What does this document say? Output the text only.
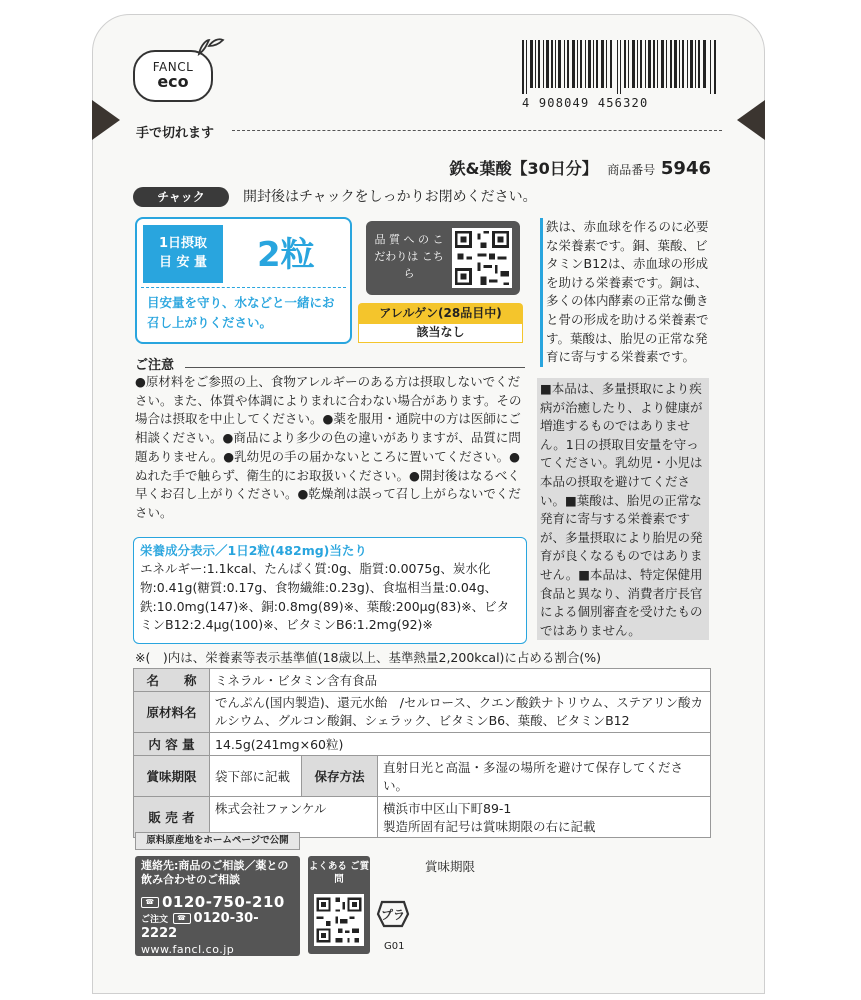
FANCL
eco
4 908049 456320
手で切れます
鉄&葉酸【30日分】 商品番号 5946
チャック	開封後はチャックをしっかりお閉めください。
1日摂取
目 安 量	2粒
目安量を守り、水などと一緒にお召し上がりください。
品 質 へ の こだわりは こちら
アレルゲン(28品目中)
該当なし
鉄は、赤血球を作るのに必要な栄養素です。銅、葉酸、ビタミンB12は、赤血球の形成を助ける栄養素です。銅は、多くの体内酵素の正常な働きと骨の形成を助ける栄養素です。葉酸は、胎児の正常な発育に寄与する栄養素です。
■本品は、多量摂取により疾病が治癒したり、より健康が増進するものではありません。1日の摂取目安量を守ってください。乳幼児・小児は本品の摂取を避けてください。■葉酸は、胎児の正常な発育に寄与する栄養素ですが、多量摂取により胎児の発育が良くなるものではありません。■本品は、特定保健用食品と異なり、消費者庁長官による個別審査を受けたものではありません。
ご注意
●原材料をご参照の上、食物アレルギーのある方は摂取しないでください。また、体質や体調によりまれに合わない場合があります。その場合は摂取を中止してください。●薬を服用・通院中の方は医師にご相談ください。●商品により多少の色の違いがありますが、品質に問題ありません。●乳幼児の手の届かないところに置いてください。●ぬれた手で触らず、衛生的にお取扱いください。●開封後はなるべく早くお召し上がりください。●乾燥剤は誤って召し上がらないでください。
栄養成分表示／1日2粒(482mg)当たり
エネルギー:1.1kcal、たんぱく質:0g、脂質:0.0075g、炭水化物:0.41g(糖質:0.17g、食物繊維:0.23g)、食塩相当量:0.04g、鉄:10.0mg(147)※、銅:0.8mg(89)※、葉酸:200μg(83)※、ビタミンB12:2.4μg(100)※、ビタミンB6:1.2mg(92)※
※(　)内は、栄養素等表示基準値(18歳以上、基準熱量2,200kcal)に占める割合(%)
名　　称	ミネラル・ビタミン含有食品		
原材料名	でんぷん(国内製造)、還元水飴　/セルロース、クエン酸鉄ナトリウム、ステアリン酸カルシウム、グルコン酸銅、シェラック、ビタミンB6、葉酸、ビタミンB12		
内 容 量	14.5g(241mg×60粒)		
賞味期限	袋下部に記載	保存方法	直射日光と高温・多湿の場所を避けて保存してください。
販 売 者	株式会社ファンケル		横浜市中区山下町89-1
製造所固有記号は賞味期限の右に記載
原料原産地をホームページで公開
連絡先:商品のご相談／薬との飲み合わせのご相談
☎ 0120-750-210
ご注文 ☎ 0120-30-2222
www.fancl.co.jp
よくある ご質問
プラ
G01
賞味期限
